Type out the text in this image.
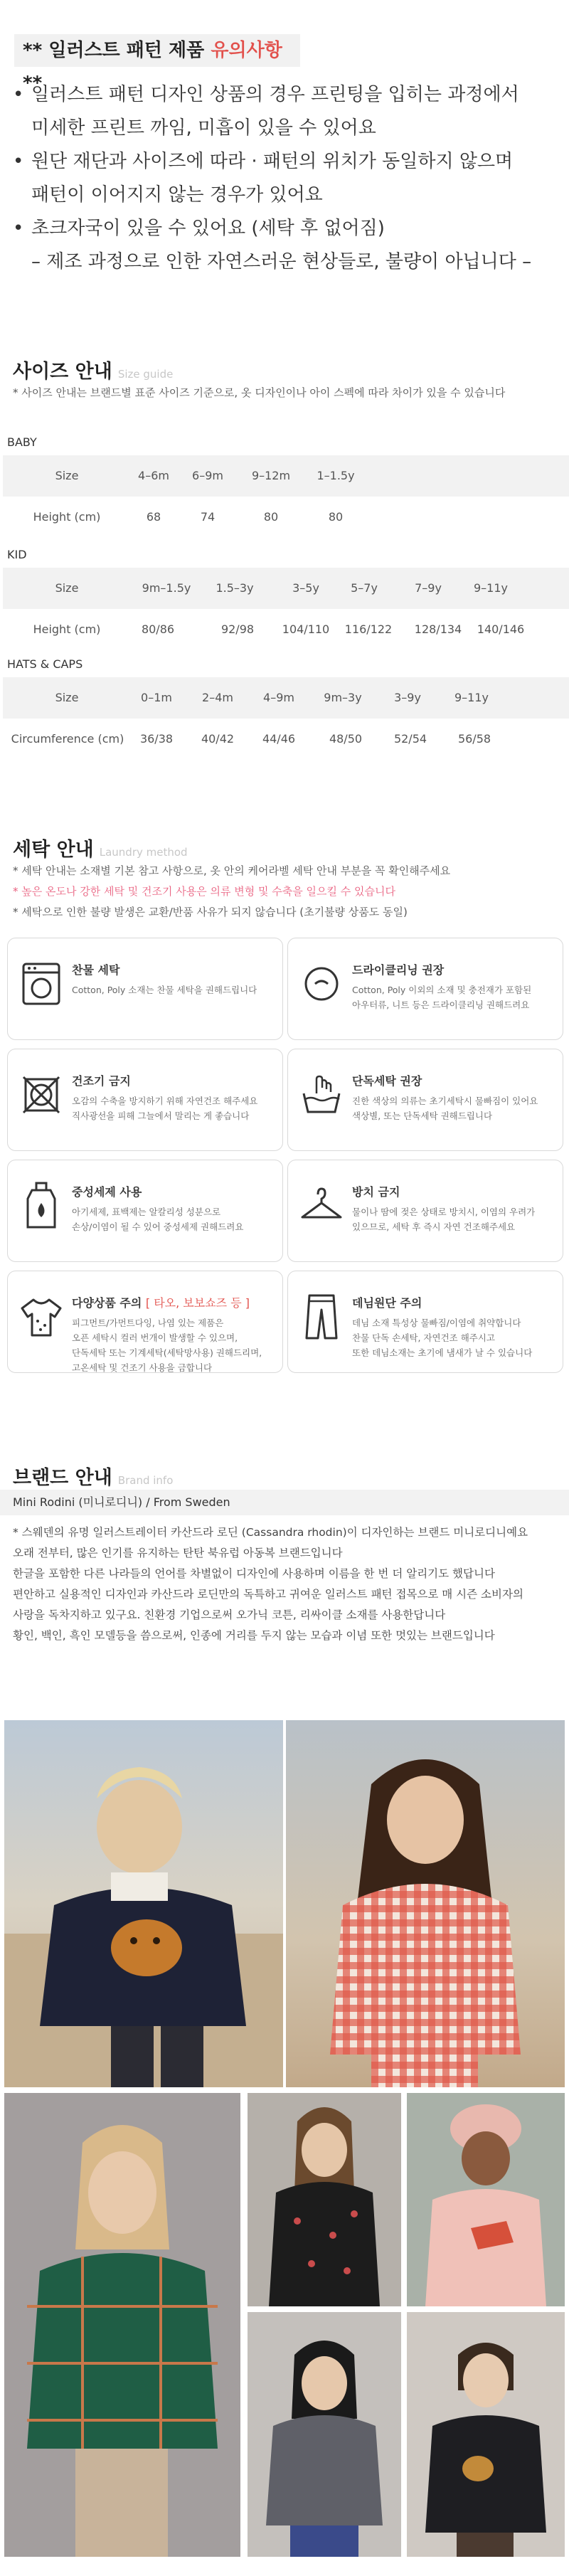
** 일러스트 패턴 제품 유의사항 **
• 일러스트 패턴 디자인 상품의 경우 프린팅을 입히는 과정에서
미세한 프린트 까임, 미흡이 있을 수 있어요
• 원단 재단과 사이즈에 따라 · 패턴의 위치가 동일하지 않으며
패턴이 이어지지 않는 경우가 있어요
• 초크자국이 있을 수 있어요 (세탁 후 없어짐)
– 제조 과정으로 인한 자연스러운 현상들로, 불량이 아닙니다 –
사이즈 안내 Size guide
* 사이즈 안내는 브랜드별 표준 사이즈 기준으로, 옷 디자인이나 아이 스펙에 따라 차이가 있을 수 있습니다
BABY
Size	4–6m	6–9m	9–12m	1–1.5y
Height (cm)	68	74	80	80
KID
Size	9m–1.5y	1.5–3y	3–5y	5–7y	7–9y	9–11y
Height (cm)	80/86	92/98	104/110	116/122	128/134	140/146
HATS & CAPS
Size	0–1m	2–4m	4–9m	9m–3y	3–9y	9–11y
Circumference (cm)	36/38	40/42	44/46	48/50	52/54	56/58
세탁 안내 Laundry method
* 세탁 안내는 소재별 기본 참고 사항으로, 옷 안의 케어라벨 세탁 안내 부분을 꼭 확인해주세요
* 높은 온도나 강한 세탁 및 건조기 사용은 의류 변형 및 수축을 일으킬 수 있습니다
* 세탁으로 인한 불량 발생은 교환/반품 사유가 되지 않습니다 (초기불량 상품도 동일)
찬물 세탁
Cotton, Poly 소재는 찬물 세탁을 권해드립니다
드라이클리닝 권장
Cotton, Poly 이외의 소재 및 충전재가 포함된
아우터류, 니트 등은 드라이클리닝 권해드려요
건조기 금지
오감의 수축을 방지하기 위해 자연건조 해주세요
직사광선을 피해 그늘에서 말리는 게 좋습니다
단독세탁 권장
진한 색상의 의류는 초기세탁시 물빠짐이 있어요
색상별, 또는 단독세탁 권해드립니다
중성세제 사용
아기세제, 표백제는 알칼리성 성분으로
손상/이염이 될 수 있어 중성세제 권해드려요
방치 금지
물이나 땀에 젖은 상태로 방치시, 이염의 우려가
있으므로, 세탁 후 즉시 자연 건조해주세요
다양상품 주의 [ 타오, 보보쇼즈 등 ]
피그먼트/가먼트다잉, 나염 있는 제품은
오픈 세탁시 컬러 번개이 발생할 수 있으며,
단독세탁 또는 기계세탁(세탁망사용) 권해드리며,
고온세탁 및 건조기 사용을 금합니다
데님원단 주의
데님 소재 특성상 물빠짐/이염에 취약합니다
찬물 단독 손세탁, 자연건조 해주시고
또한 데님소재는 초기에 냄새가 날 수 있습니다
브랜드 안내 Brand info
Mini Rodini (미니로디니) / From Sweden
* 스웨덴의 유명 일러스트레이터 카산드라 로딘 (Cassandra rhodin)이 디자인하는 브랜드 미니로디니예요
오래 전부터, 많은 인기를 유지하는 탄탄 북유럽 아동복 브랜드입니다
한글을 포함한 다른 나라들의 언어를 차별없이 디자인에 사용하며 이름을 한 번 더 알리기도 했답니다
편안하고 실용적인 디자인과 카산드라 로딘만의 독특하고 귀여운 일러스트 패턴 접목으로 매 시즌 소비자의
사랑을 독차지하고 있구요. 친환경 기업으로써 오가닉 코튼, 리싸이클 소재를 사용한답니다
황인, 백인, 흑인 모델등을 씀으로써, 인종에 거리를 두지 않는 모습과 이념 또한 멋있는 브랜드입니다
